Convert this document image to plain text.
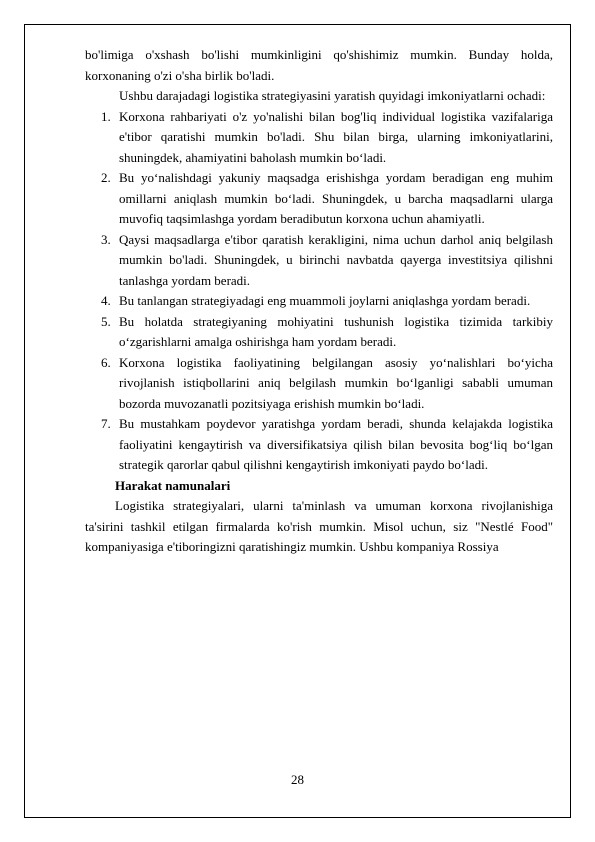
bo'limiga o'xshash bo'lishi mumkinligini qo'shishimiz mumkin. Bunday holda, korxonaning o'zi o'sha birlik bo'ladi.

Ushbu darajadagi logistika strategiyasini yaratish quyidagi imkoniyatlarni ochadi:

1. Korxona rahbariyati o'z yo'nalishi bilan bog'liq individual logistika vazifalariga e'tibor qaratishi mumkin bo'ladi. Shu bilan birga, ularning imkoniyatlarini, shuningdek, ahamiyatini baholash mumkin bo‘ladi.
2. Bu yo‘nalishdagi yakuniy maqsadga erishishga yordam beradigan eng muhim omillarni aniqlash mumkin bo‘ladi. Shuningdek, u barcha maqsadlarni ularga muvofiq taqsimlashga yordam beradibutun korxona uchun ahamiyatli.
3. Qaysi maqsadlarga e'tibor qaratish kerakligini, nima uchun darhol aniq belgilash mumkin bo'ladi. Shuningdek, u birinchi navbatda qayerga investitsiya qilishni tanlashga yordam beradi.
4. Bu tanlangan strategiyadagi eng muammoli joylarni aniqlashga yordam beradi.
5. Bu holatda strategiyaning mohiyatini tushunish logistika tizimida tarkibiy o‘zgarishlarni amalga oshirishga ham yordam beradi.
6. Korxona logistika faoliyatining belgilangan asosiy yo‘nalishlari bo‘yicha rivojlanish istiqbollarini aniq belgilash mumkin bo‘lganligi sababli umuman bozorda muvozanatli pozitsiyaga erishish mumkin bo‘ladi.
7. Bu mustahkam poydevor yaratishga yordam beradi, shunda kelajakda logistika faoliyatini kengaytirish va diversifikatsiya qilish bilan bevosita bog‘liq bo‘lgan strategik qarorlar qabul qilishni kengaytirish imkoniyati paydo bo‘ladi.

Harakat namunalari

Logistika strategiyalari, ularni ta'minlash va umuman korxona rivojlanishiga ta'sirini tashkil etilgan firmalarda ko'rish mumkin. Misol uchun, siz "Nestlé Food" kompaniyasiga e'tiboringizni qaratishingiz mumkin. Ushbu kompaniya Rossiya

28
